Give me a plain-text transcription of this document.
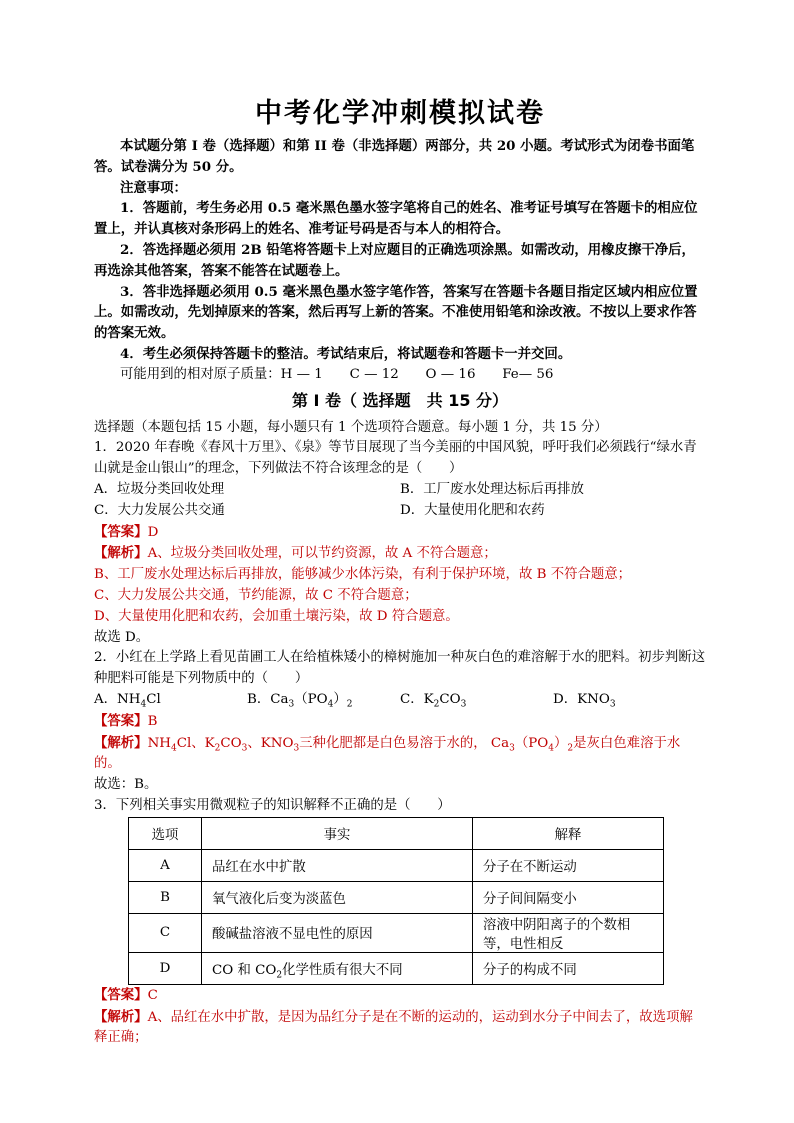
中考化学冲刺模拟试卷

本试题分第 I 卷（选择题）和第 II 卷（非选择题）两部分，共 20 小题。考试形式为闭卷书面笔答。试卷满分为 50 分。

注意事项：

1．答题前，考生务必用 0.5 毫米黑色墨水签字笔将自己的姓名、准考证号填写在答题卡的相应位置上，并认真核对条形码上的姓名、准考证号码是否与本人的相符合。

2．答选择题必须用 2B 铅笔将答题卡上对应题目的正确选项涂黑。如需改动，用橡皮擦干净后，再选涂其他答案，答案不能答在试题卷上。

3．答非选择题必须用 0.5 毫米黑色墨水签字笔作答，答案写在答题卡各题目指定区域内相应位置上。如需改动，先划掉原来的答案，然后再写上新的答案。不准使用铅笔和涂改液。不按以上要求作答的答案无效。

4．考生必须保持答题卡的整洁。考试结束后，将试题卷和答题卡一并交回。

可能用到的相对原子质量：H — 1　　C — 12　　O — 16　　Fe— 56

第 I 卷（ 选择题　共 15 分）

选择题（本题包括 15 小题，每小题只有 1 个选项符合题意。每小题 1 分，共 15 分）

1．2020 年春晚《春风十万里》、《泉》等节目展现了当今美丽的中国风貌，呼吁我们必须践行“绿水青山就是金山银山”的理念，下列做法不符合该理念的是（　　）

A．垃圾分类回收处理	B．工厂废水处理达标后再排放
C．大力发展公共交通	D．大量使用化肥和农药

【答案】D

【解析】A、垃圾分类回收处理，可以节约资源，故 A 不符合题意；

B、工厂废水处理达标后再排放，能够减少水体污染，有利于保护环境，故 B 不符合题意；

C、大力发展公共交通，节约能源，故 C 不符合题意；

D、大量使用化肥和农药，会加重土壤污染，故 D 符合题意。

故选 D。

2．小红在上学路上看见苗圃工人在给植株矮小的樟树施加一种灰白色的难溶解于水的肥料。初步判断这种肥料可能是下列物质中的（　　）

A．$NH_4Cl$	B．$Ca_3(PO_4)_2$	C．$K_2CO_3$	D．$KNO_3$

【答案】B

【解析】$NH_4Cl$、$K_2CO_3$、$KNO_3$三种化肥都是白色易溶于水的， $Ca_3(PO_4)_2$是灰白色难溶于水的。

故选：B。

3．下列相关事实用微观粒子的知识解释不正确的是（　　）

选项	事实	解释
A	品红在水中扩散	分子在不断运动
B	氧气液化后变为淡蓝色	分子间间隔变小
C	酸碱盐溶液不显电性的原因	溶液中阴阳离子的个数相等，电性相反
D	CO 和 $CO_2$化学性质有很大不同	分子的构成不同

【答案】C

【解析】A、品红在水中扩散，是因为品红分子是在不断的运动的，运动到水分子中间去了，故选项解释正确；
